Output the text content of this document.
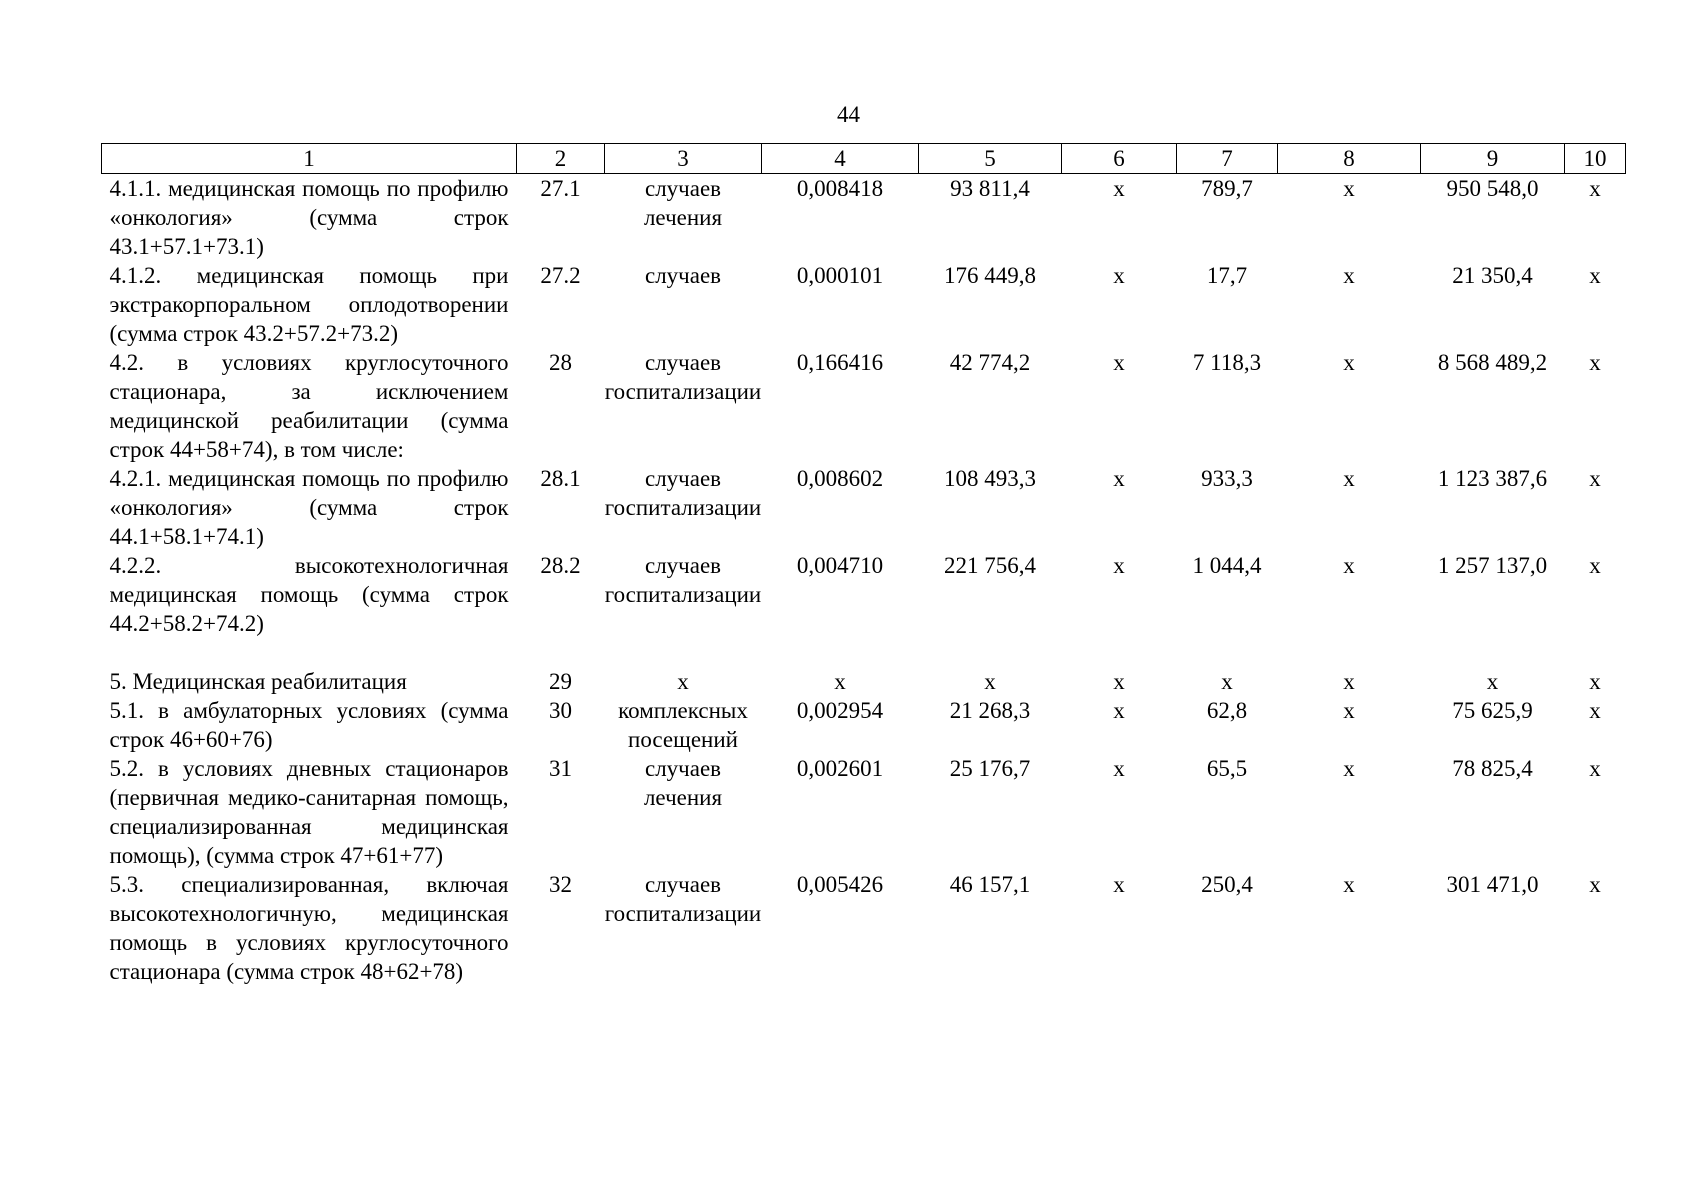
44
1	2	3	4	5	6	7	8	9	10
4.1.1. медицинская помощь по профилю «онкология» (сумма строк 43.1+57.1+73.1)	27.1	случаев лечения	0,008418	93 811,4	х	789,7	х	950 548,0	х
4.1.2. медицинская помощь при экстракорпоральном оплодотворении (сумма строк 43.2+57.2+73.2)	27.2	случаев	0,000101	176 449,8	х	17,7	х	21 350,4	х
4.2. в условиях круглосуточного стационара, за исключением медицинской реабилитации (сумма строк 44+58+74), в том числе:	28	случаев госпитализации	0,166416	42 774,2	х	7 118,3	х	8 568 489,2	х
4.2.1. медицинская помощь по профилю «онкология» (сумма строк 44.1+58.1+74.1)	28.1	случаев госпитализации	0,008602	108 493,3	х	933,3	х	1 123 387,6	х
4.2.2. высокотехнологичная медицинская помощь (сумма строк 44.2+58.2+74.2)	28.2	случаев госпитализации	0,004710	221 756,4	х	1 044,4	х	1 257 137,0	х

5. Медицинская реабилитация	29	х	х	х	х	х	х	х	х
5.1. в амбулаторных условиях (сумма строк 46+60+76)	30	комплексных посещений	0,002954	21 268,3	х	62,8	х	75 625,9	х
5.2. в условиях дневных стационаров (первичная медико-санитарная помощь, специализированная медицинская помощь), (сумма строк 47+61+77)	31	случаев лечения	0,002601	25 176,7	х	65,5	х	78 825,4	х
5.3. специализированная, включая высокотехнологичную, медицинская помощь в условиях круглосуточного стационара (сумма строк 48+62+78)	32	случаев госпитализации	0,005426	46 157,1	х	250,4	х	301 471,0	х
